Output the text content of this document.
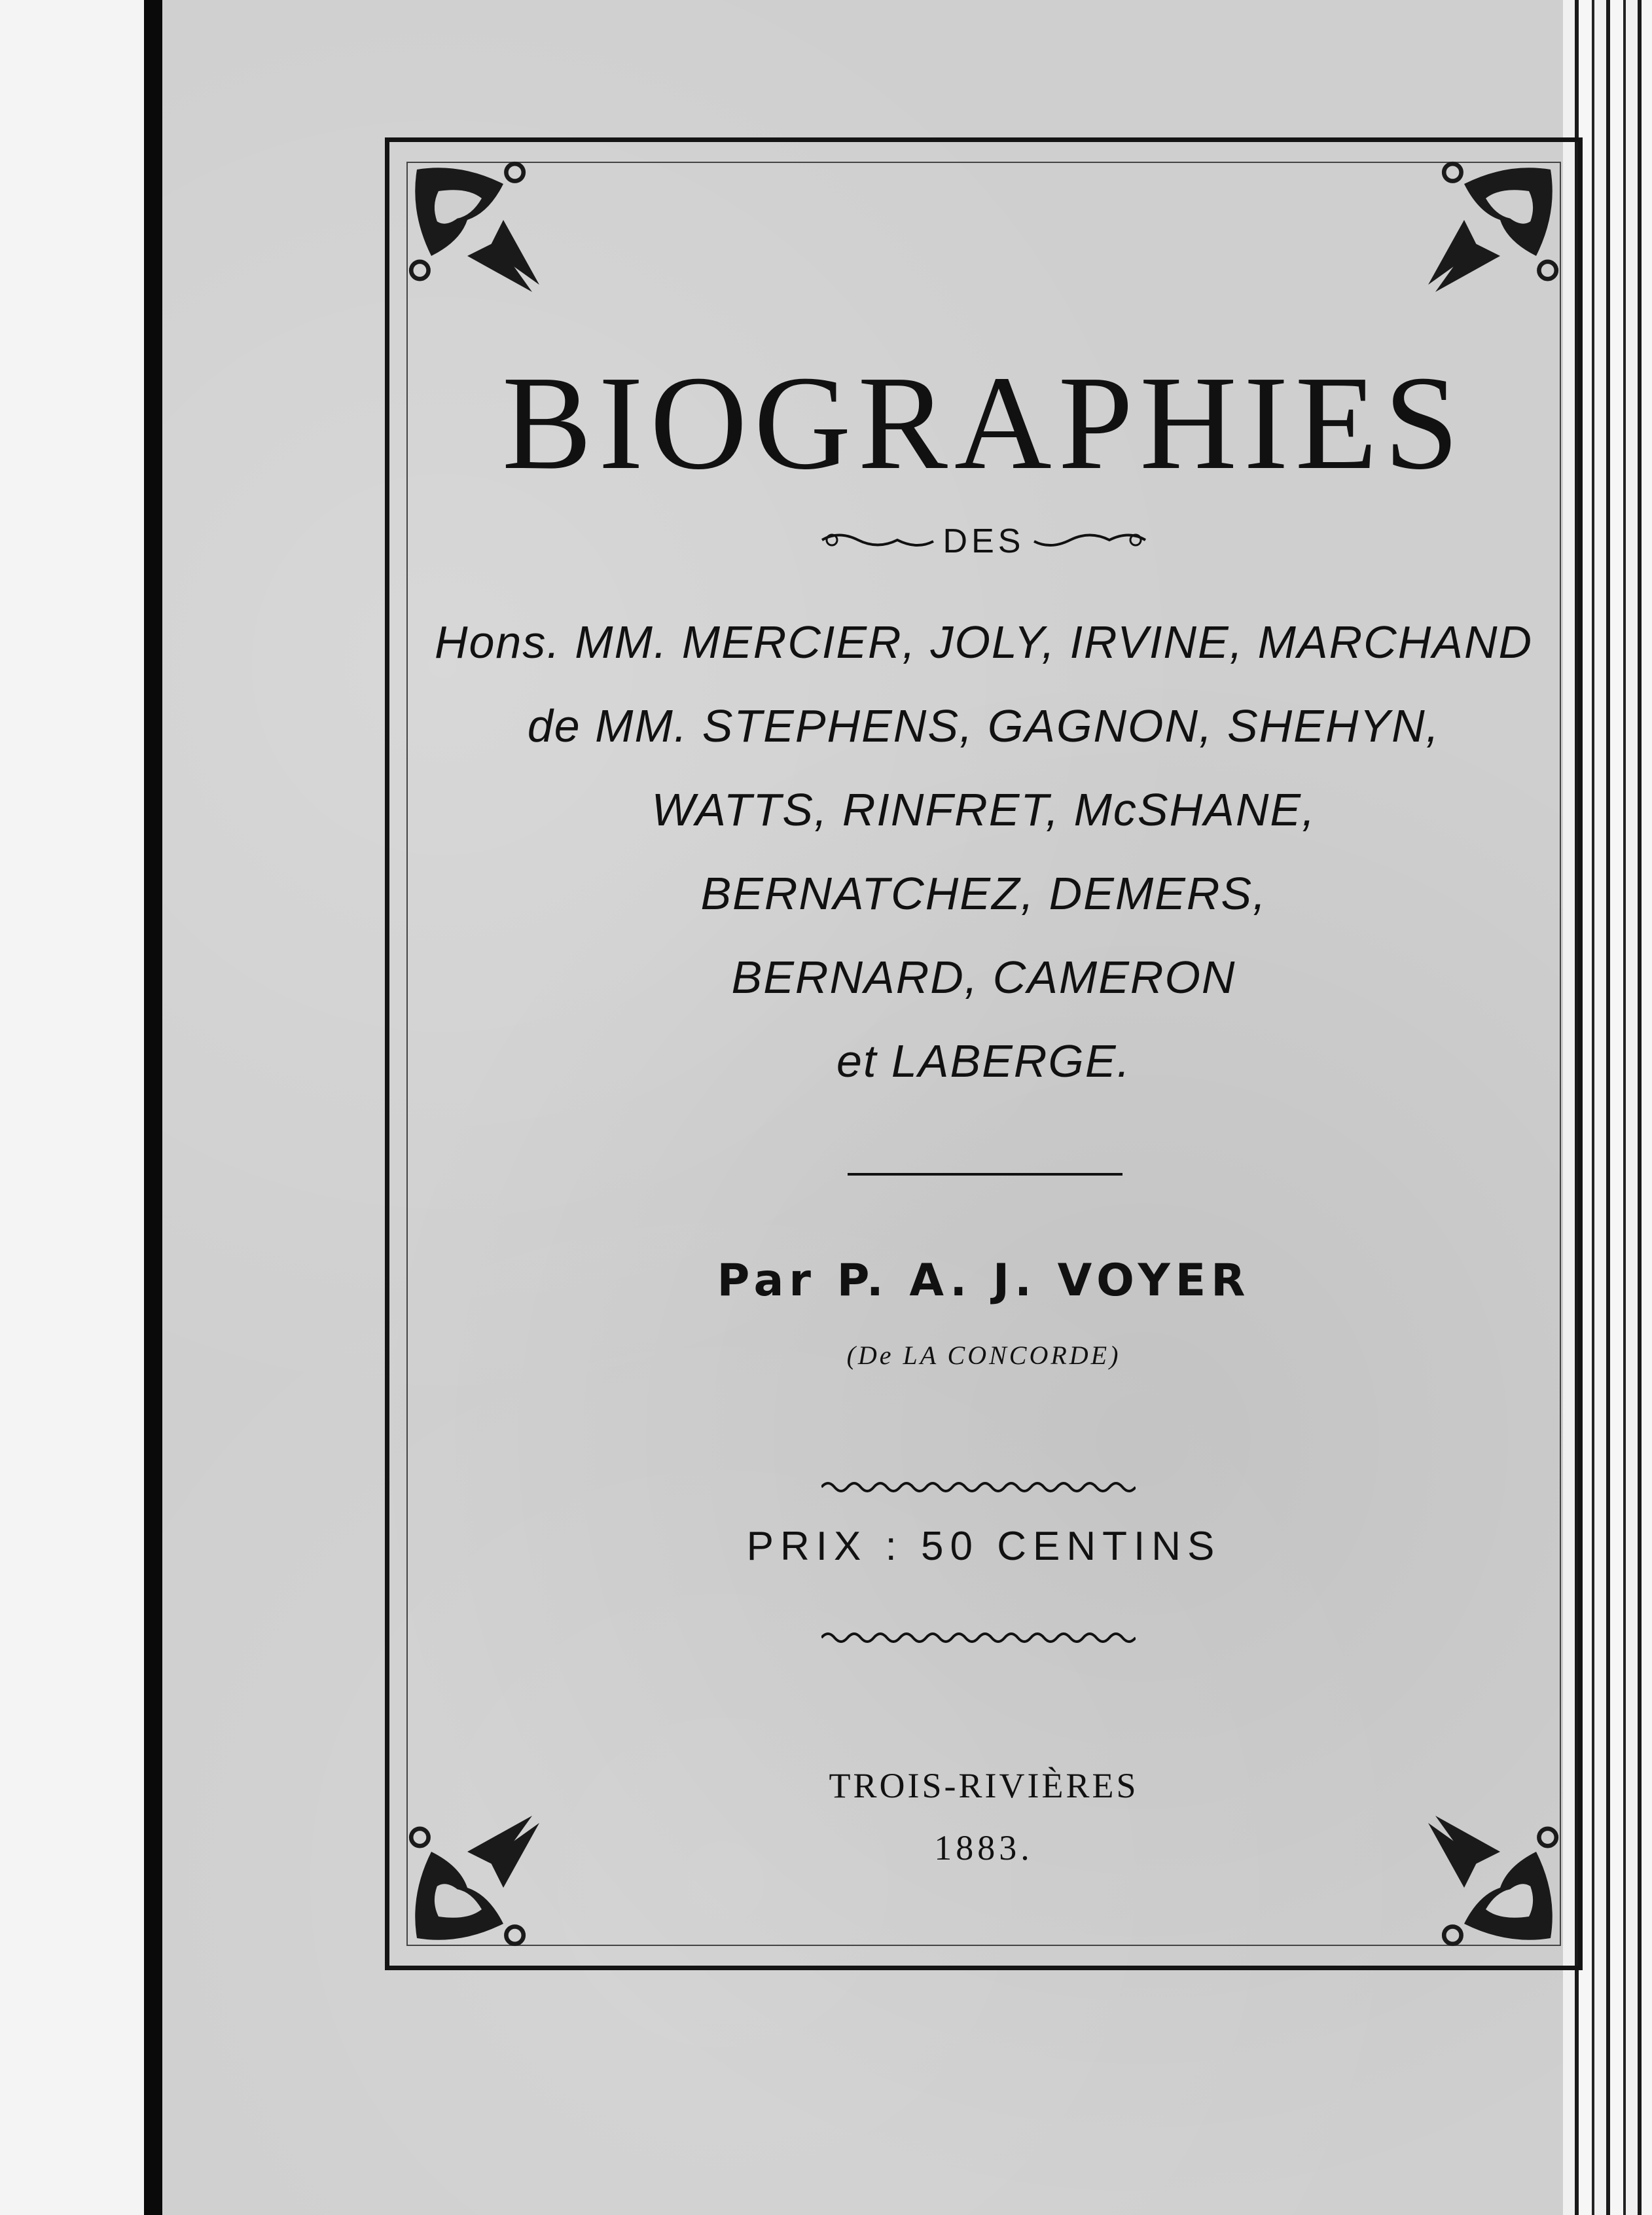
BIOGRAPHIES
DES
Hons. MM. MERCIER, JOLY, IRVINE, MARCHAND
de MM. STEPHENS, GAGNON, SHEHYN,
WATTS, RINFRET, McSHANE,
BERNATCHEZ, DEMERS,
BERNARD, CAMERON
et LABERGE.
Par P. A. J. VOYER
(De LA CONCORDE)
PRIX : 50 CENTINS
TROIS-RIVIÈRES
1883.
